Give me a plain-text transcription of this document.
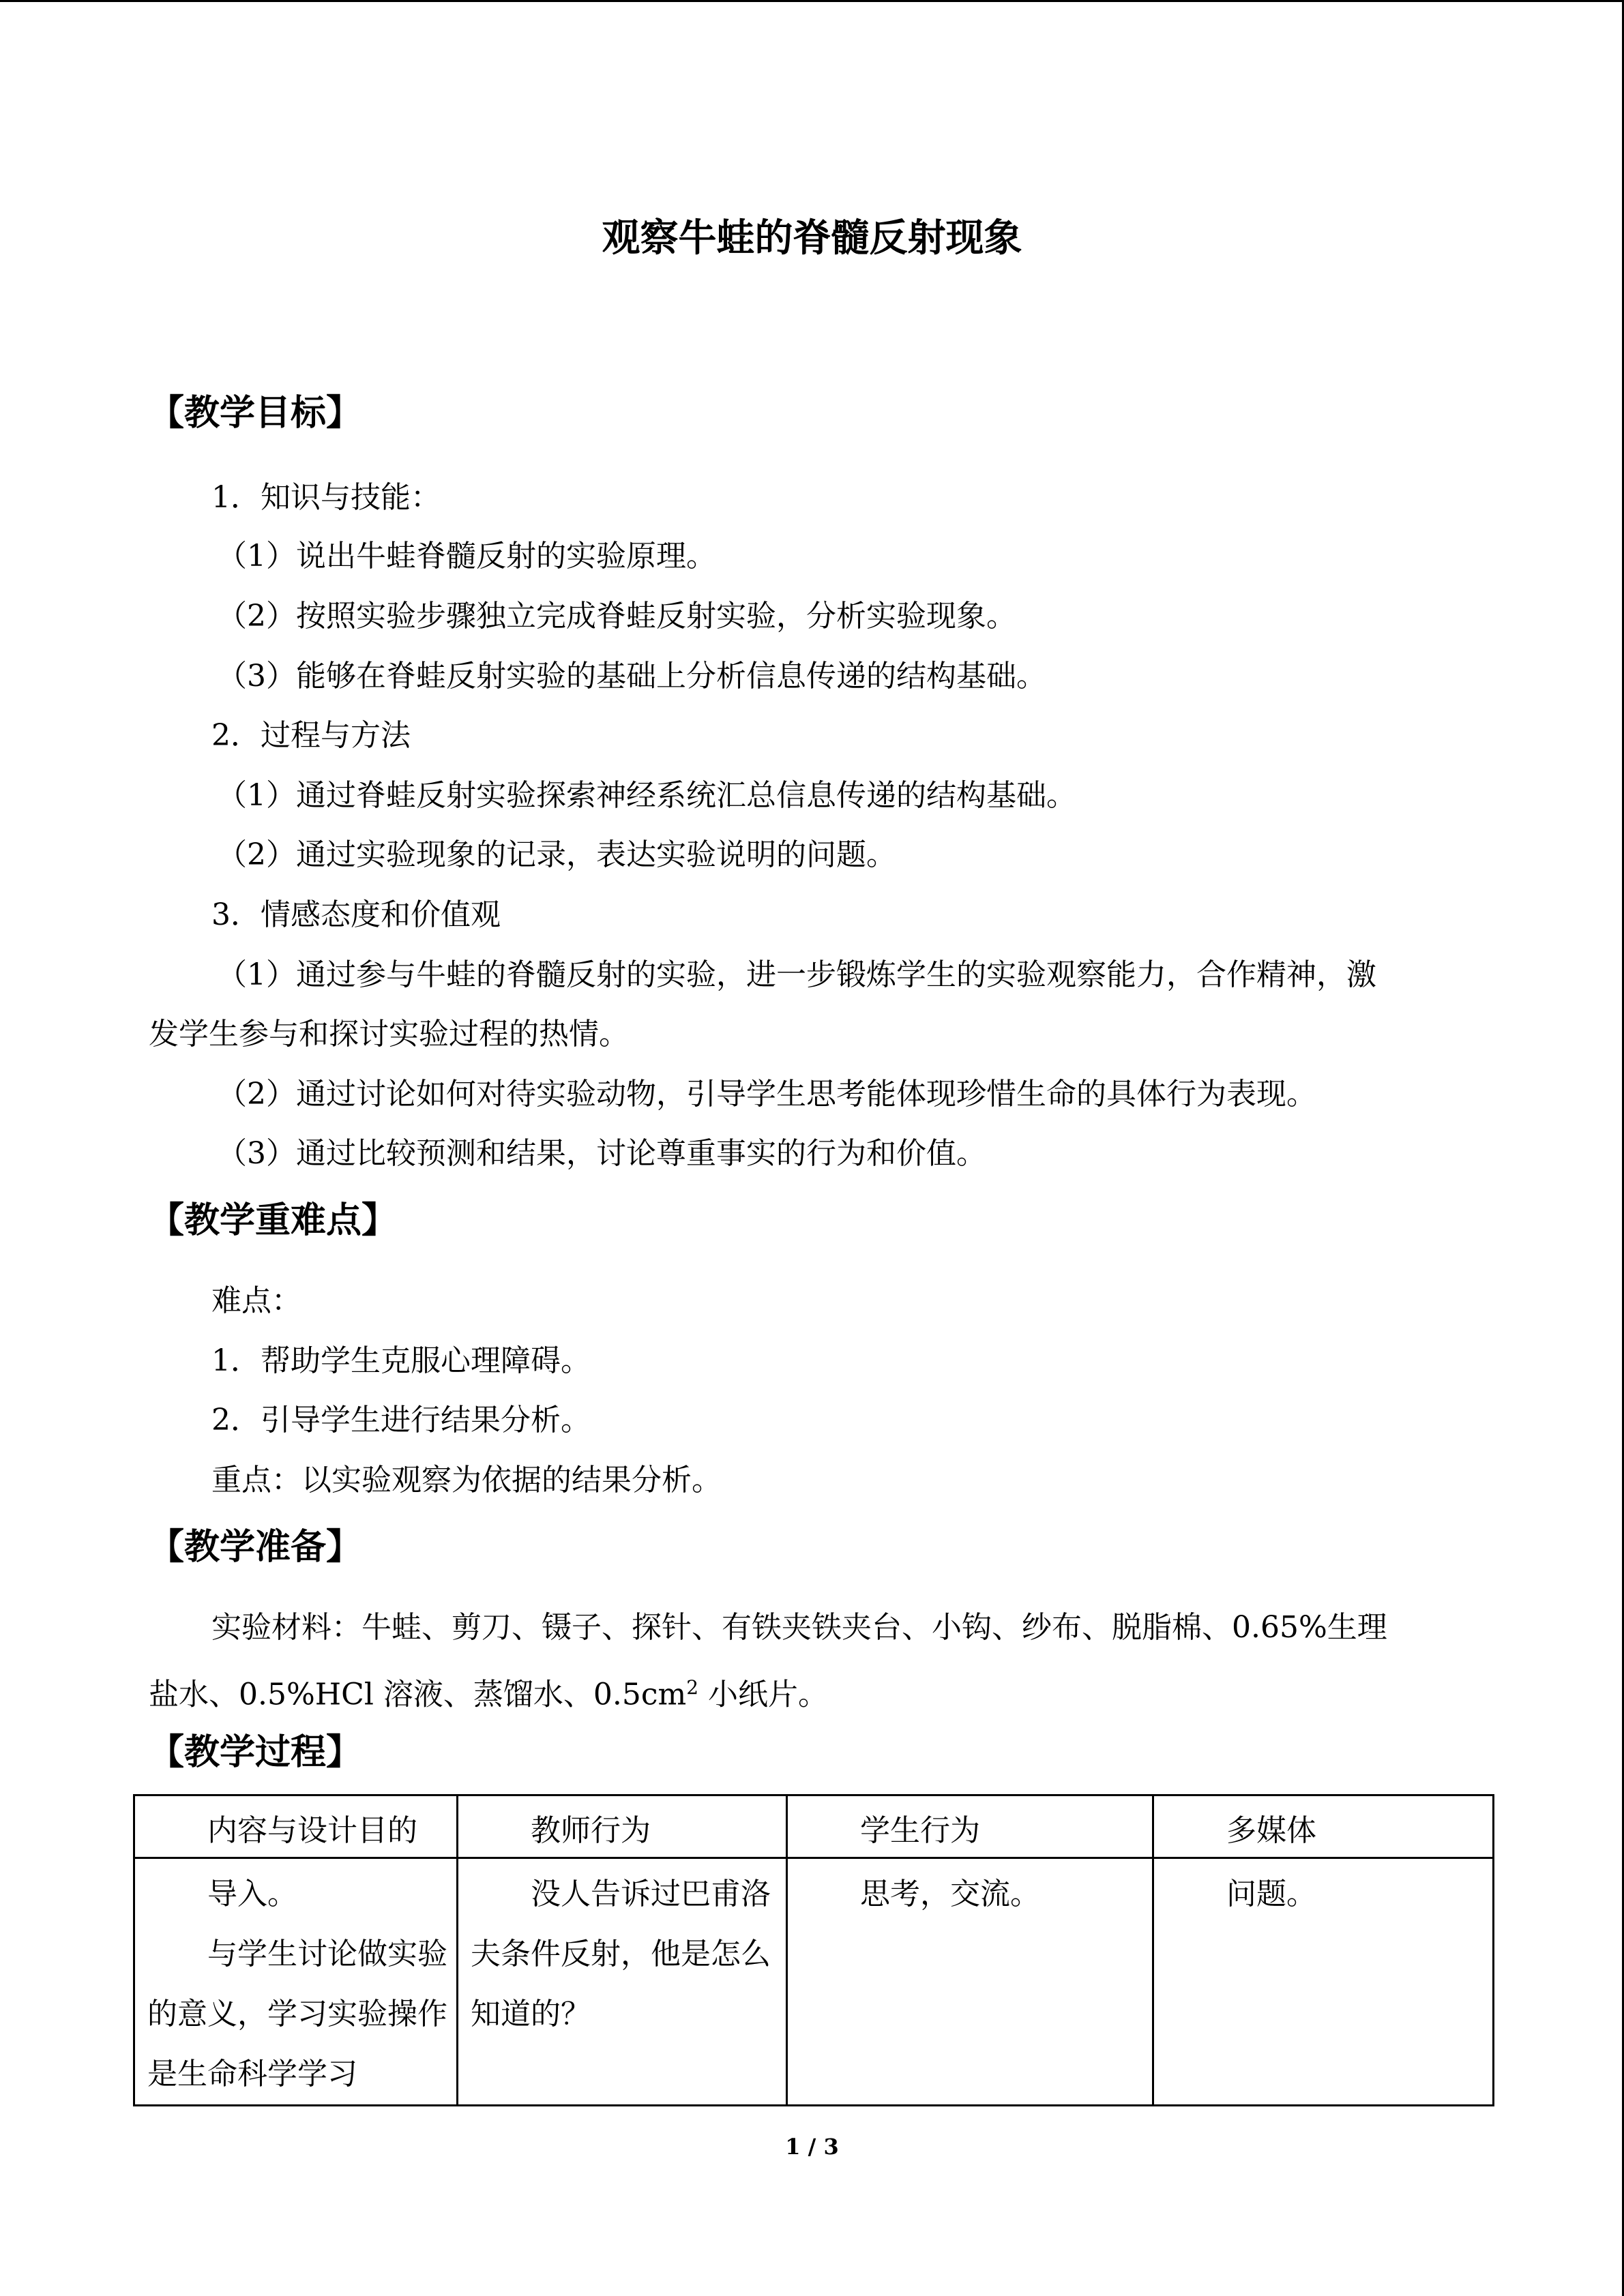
观察牛蛙的脊髓反射现象
【教学目标】

1．知识与技能：

（1）说出牛蛙脊髓反射的实验原理。

（2）按照实验步骤独立完成脊蛙反射实验，分析实验现象。

（3）能够在脊蛙反射实验的基础上分析信息传递的结构基础。

2．过程与方法

（1）通过脊蛙反射实验探索神经系统汇总信息传递的结构基础。

（2）通过实验现象的记录，表达实验说明的问题。

3．情感态度和价值观

（1）通过参与牛蛙的脊髓反射的实验，进一步锻炼学生的实验观察能力，合作精神，激

发学生参与和探讨实验过程的热情。

（2）通过讨论如何对待实验动物，引导学生思考能体现珍惜生命的具体行为表现。

（3）通过比较预测和结果，讨论尊重事实的行为和价值。

【教学重难点】

难点：

1．帮助学生克服心理障碍。

2．引导学生进行结果分析。

重点：以实验观察为依据的结果分析。

【教学准备】

实验材料：牛蛙、剪刀、镊子、探针、有铁夹铁夹台、小钩、纱布、脱脂棉、0.65%生理

盐水、0.5%HCl 溶液、蒸馏水、$0.5cm^2$ 小纸片。

【教学过程】

内容与设计目的	教师行为	学生行为	多媒体

导入。

与学生讨论做实验的意义，学习实验操作是生命科学学习	没人告诉过巴甫洛夫条件反射，他是怎么知道的？	思考，交流。	问题。

1 / 3
